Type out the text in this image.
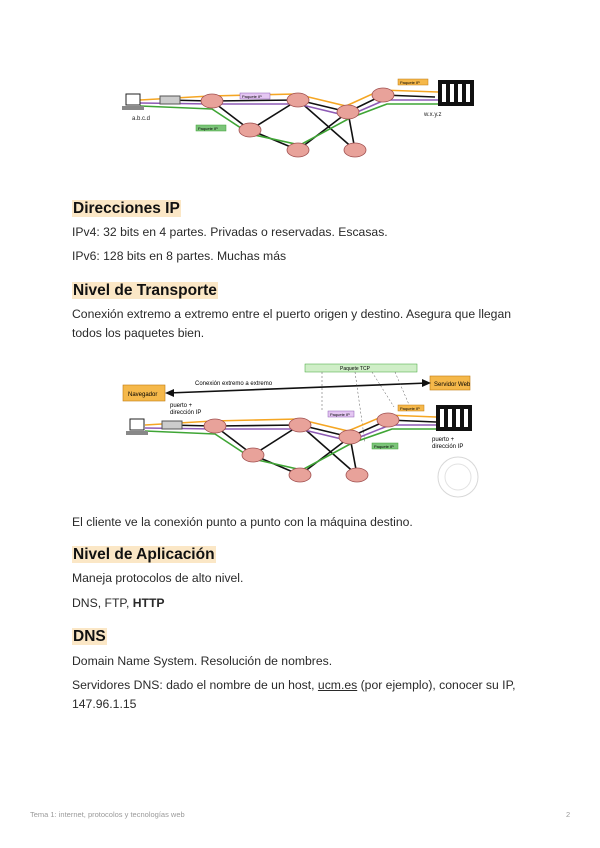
a.b.c.d
w.x.y.z
Paquete IP
Paquete IP
Paquete IP
Direcciones IP

IPv4: 32 bits en 4 partes. Privadas o reservadas. Escasas.

IPv6: 128 bits en 8 partes. Muchas más

Nivel de Transporte

Conexión extremo a extremo entre el puerto origen y destino. Asegura que llegan todos los paquetes bien.

Navegador
Servidor Web
Conexión extremo a extremo
Paquete TCP
puerto +
dirección IP
puerto +
dirección IP
Paquete IP
Paquete IP
Paquete IP

El cliente ve la conexión punto a punto con la máquina destino.

Nivel de Aplicación

Maneja protocolos de alto nivel.

DNS, FTP, HTTP

DNS

Domain Name System. Resolución de nombres.

Servidores DNS: dado el nombre de un host, ucm.es (por ejemplo), conocer su IP, 147.96.1.15

Tema 1: internet, protocolos y tecnologías web	2
